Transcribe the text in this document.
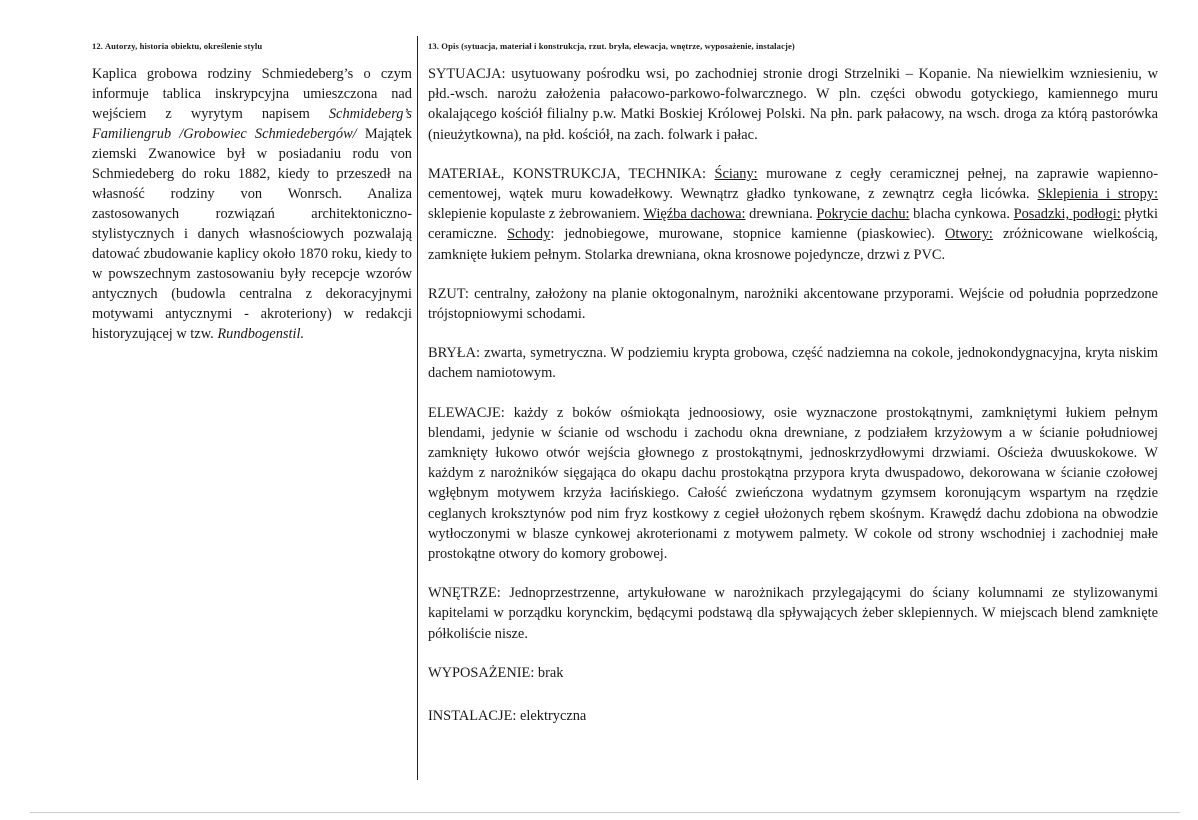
12. Autorzy, historia obiektu, określenie stylu

Kaplica grobowa rodziny Schmiedeberg’s o czym informuje tablica inskrypcyjna umieszczona nad wejściem z wyrytym napisem Schmideberg’s Familiengrub /Grobowiec Schmiedebergów/ Majątek ziemski Zwanowice był w posiadaniu rodu von Schmiedeberg do roku 1882, kiedy to przeszedł na własność rodziny von Wonrsch. Analiza zastosowanych rozwiązań architektoniczno-stylistycznych i danych własnościowych pozwalają datować zbudowanie kaplicy około 1870 roku, kiedy to w powszechnym zastosowaniu były recepcje wzorów antycznych (budowla centralna z dekoracyjnymi motywami antycznymi - akroteriony) w redakcji historyzującej w tzw. Rundbogenstil.

13. Opis (sytuacja, materiał i konstrukcja, rzut. bryła, elewacja, wnętrze, wyposażenie, instalacje)

SYTUACJA: usytuowany pośrodku wsi, po zachodniej stronie drogi Strzelniki – Kopanie. Na niewielkim wzniesieniu, w płd.-wsch. narożu założenia pałacowo-parkowo-folwarcznego. W pln. części obwodu gotyckiego, kamiennego muru okalającego kościół filialny p.w. Matki Boskiej Królowej Polski. Na płn. park pałacowy, na wsch. droga za którą pastorówka (nieużytkowna), na płd. kościół, na zach. folwark i pałac.

MATERIAŁ, KONSTRUKCJA, TECHNIKA: Ściany: murowane z cegły ceramicznej pełnej, na zaprawie wapienno-cementowej, wątek muru kowadełkowy. Wewnątrz gładko tynkowane, z zewnątrz cegła licówka. Sklepienia i stropy: sklepienie kopulaste z żebrowaniem. Więźba dachowa: drewniana. Pokrycie dachu: blacha cynkowa. Posadzki, podłogi: płytki ceramiczne. Schody: jednobiegowe, murowane, stopnice kamienne (piaskowiec). Otwory: zróżnicowane wielkością, zamknięte łukiem pełnym. Stolarka drewniana, okna krosnowe pojedyncze, drzwi z PVC.

RZUT: centralny, założony na planie oktogonalnym, narożniki akcentowane przyporami. Wejście od południa poprzedzone trójstopniowymi schodami.

BRYŁA: zwarta, symetryczna. W podziemiu krypta grobowa, część nadziemna na cokole, jednokondygnacyjna, kryta niskim dachem namiotowym.

ELEWACJE: każdy z boków ośmiokąta jednoosiowy, osie wyznaczone prostokątnymi, zamkniętymi łukiem pełnym blendami, jedynie w ścianie od wschodu i zachodu okna drewniane, z podziałem krzyżowym a w ścianie południowej zamknięty łukowo otwór wejścia głownego z prostokątnymi, jednoskrzydłowymi drzwiami. Ościeża dwuuskokowe. W każdym z narożników sięgająca do okapu dachu prostokątna przypora kryta dwuspadowo, dekorowana w ścianie czołowej wgłębnym motywem krzyża łacińskiego. Całość zwieńczona wydatnym gzymsem koronującym wspartym na rzędzie ceglanych kroksztynów pod nim fryz kostkowy z cegieł ułożonych rębem skośnym. Krawędź dachu zdobiona na obwodzie wytłoczonymi w blasze cynkowej akroterionami z motywem palmety. W cokole od strony wschodniej i zachodniej małe prostokątne otwory do komory grobowej.

WNĘTRZE: Jednoprzestrzenne, artykułowane w narożnikach przylegającymi do ściany kolumnami ze stylizowanymi kapitelami w porządku korynckim, będącymi podstawą dla spływających żeber sklepiennych. W miejscach blend zamknięte półkoliście nisze.

WYPOSAŻENIE: brak

INSTALACJE: elektryczna
